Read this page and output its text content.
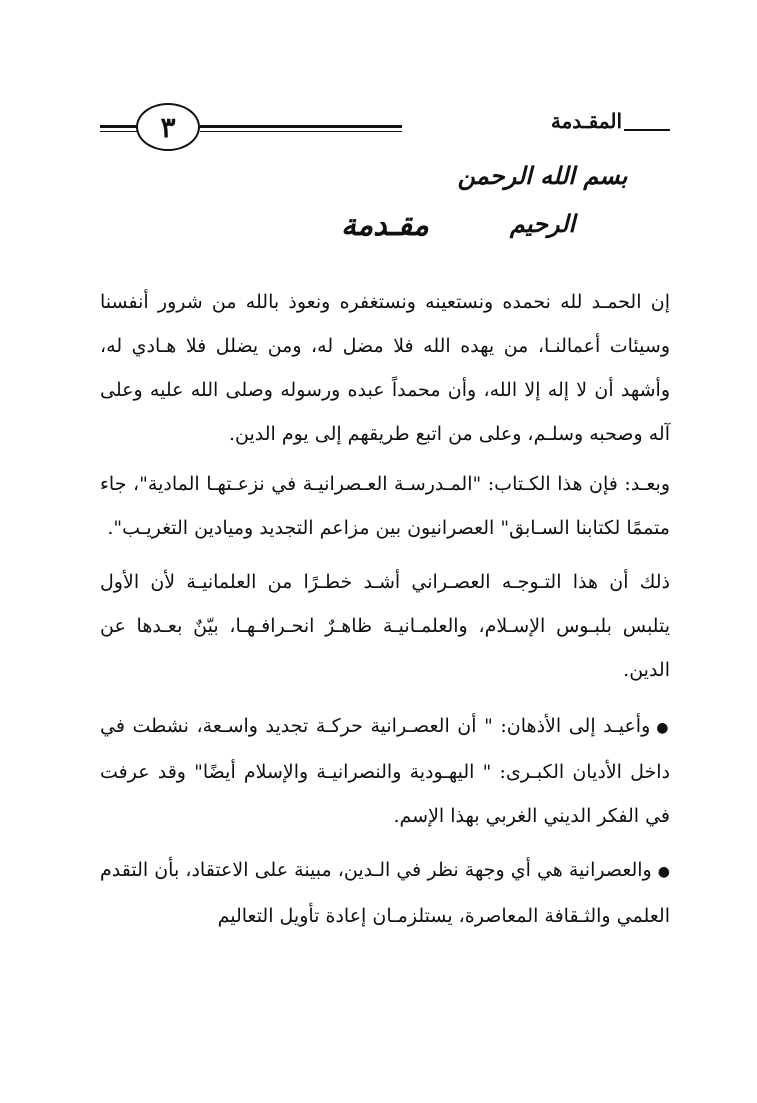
٣	المقـدمة
بسم الله الرحمن الرحيم
مقـدمة

إن الحمـد لله نحمده ونستعينه ونستغفره ونعوذ بالله من شرور أنفسنا وسيئات أعمالنـا، من يهده الله فلا مضل له، ومن يضلل فلا هـادي له، وأشهد أن لا إله إلا الله، وأن محمداً عبده ورسوله وصلى الله عليه وعلى آله وصحبه وسلـم، وعلى من اتبع طريقهم إلى يوم الدين.

وبعـد: فإن هذا الكـتاب: "المـدرسـة العـصرانيـة في نزعـتهـا المادية"، جاء متممًا لكتابنا السـابق" العصرانيون بين مزاعم التجديد وميادين التغريـب".

ذلك أن هذا التـوجـه العصـراني أشـد خطـرًا من العلمانيـة لأن الأول يتلبس بلبـوس الإسـلام، والعلمـانيـة ظاهـرٌ انحـرافـهـا، بيّنٌ بعـدها عن الدين.

●وأعيـد إلى الأذهان: " أن العصـرانية حركـة تجديد واسـعة، نشطت في داخل الأديان الكبـرى: " اليهـودية والنصرانيـة والإسلام أيضًا" وقد عرفت في الفكر الديني الغربي بهذا الإسم.

●والعصرانية هي أي وجهة نظر في الـدين، مبينة على الاعتقاد، بأن التقدم العلمي والثـقافة المعاصرة، يستلزمـان إعادة تأويل التعاليم
